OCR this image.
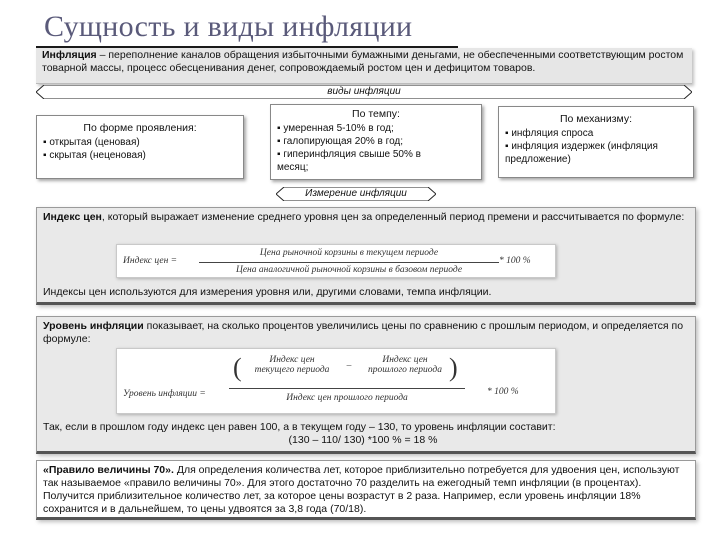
Сущность и виды инфляции
Инфляция – переполнение каналов обращения избыточными бумажными деньгами, не обеспеченными соответствующим ростом товарной массы, процесс обесценивания денег, сопровождаемый ростом цен и дефицитом товаров.
виды инфляции
По форме проявления:
▪ открытая (ценовая)
▪ скрытая (неценовая)
По темпу:
▪ умеренная 5-10% в год;
▪ галопирующая 20% в год;
▪ гиперинфляция свыше 50% в
месяц;
По механизму:
▪ инфляция спроса
▪ инфляция издержек (инфляция
предложение)
Измерение инфляции
Индекс цен, который выражает изменение среднего уровня цен за определенный период премени и рассчитывается по формуле:
Индексы цен используются для измерения уровня или, другими словами, темпа инфляции.
Индекс цен =
Цена рыночной корзины в текущем периоде
Цена аналогичной рыночной корзины в базовом периоде
* 100 %
Уровень инфляции показывает, на сколько процентов увеличились цены по сравнению с прошлым периодом, и определяется по формуле:
Так, если в прошлом году индекс цен равен 100, а в текущем году – 130, то уровень инфляции составит:
(130 – 110/ 130) *100 % = 18 %
Уровень инфляции =
(	Индекс цен текущего периода	–
Индекс цен прошлого периода )
Индекс цен прошлого периода
* 100 %
«Правило величины 70». Для определения количества лет, которое приблизительно потребуется для удвоения цен, используют так называемое «правило величины 70». Для этого достаточно 70 разделить на ежегодный темп инфляции (в процентах). Получится приблизительное количество лет, за которое цены возрастут в 2 раза. Например, если уровень инфляции 18% сохранится и в дальнейшем, то цены удвоятся за 3,8 года (70/18).
